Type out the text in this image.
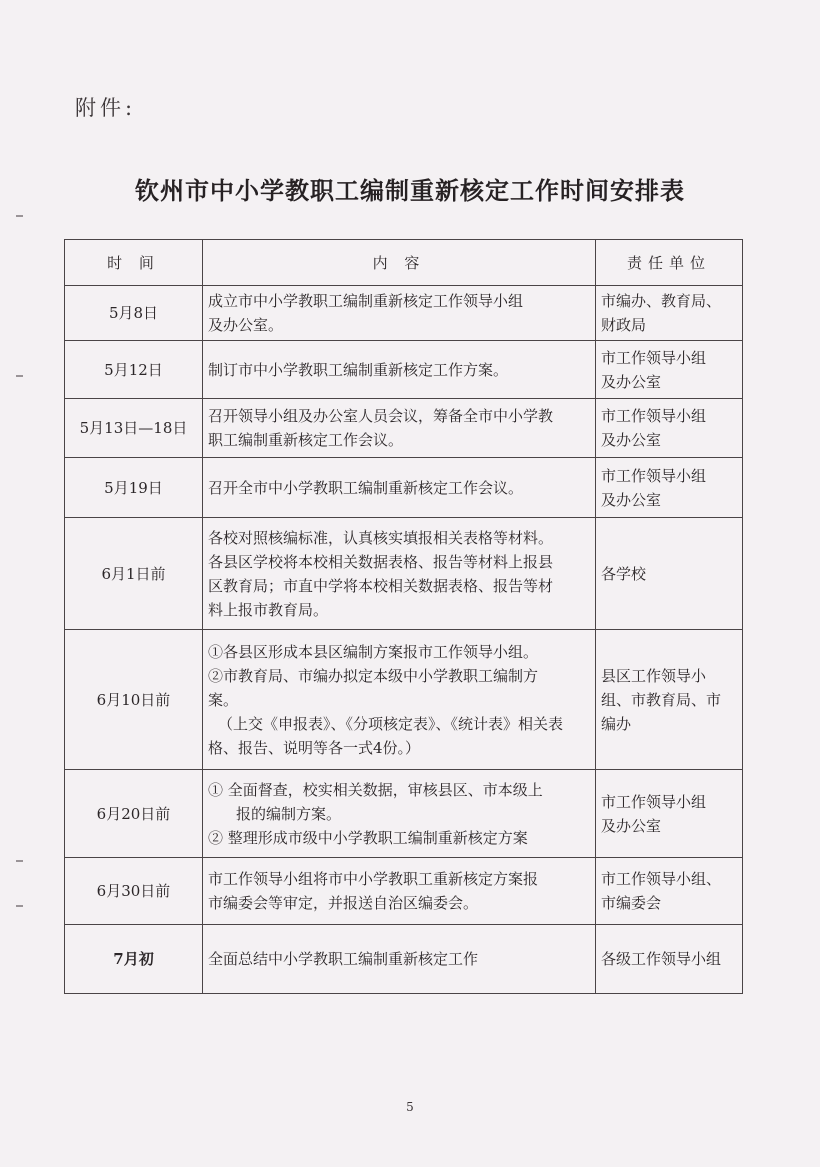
附件:
钦州市中小学教职工编制重新核定工作时间安排表
时 间	内 容	责任单位
5月8日	成立市中小学教职工编制重新核定工作领导小组
及办公室。	市编办、教育局、
财政局

5月12日	制订市中小学教职工编制重新核定工作方案。	市工作领导小组
及办公室

5月13日—18日	召开领导小组及办公室人员会议，筹备全市中小学教
职工编制重新核定工作会议。	市工作领导小组
及办公室

5月19日	召开全市中小学教职工编制重新核定工作会议。	市工作领导小组
及办公室

6月1日前	各校对照核编标准，认真核实填报相关表格等材料。
各县区学校将本校相关数据表格、报告等材料上报县
区教育局；市直中学将本校相关数据表格、报告等材
料上报市教育局。	各学校

6月10日前	①各县区形成本县区编制方案报市工作领导小组。
②市教育局、市编办拟定本级中小学教职工编制方
案。
（上交《申报表》、《分项核定表》、《统计表》相关表
格、报告、说明等各一式4份。）	县区工作领导小
组、市教育局、市
编办

6月20日前	① 全面督查，校实相关数据，审核县区、市本级上
报的编制方案。
② 整理形成市级中小学教职工编制重新核定方案	市工作领导小组
及办公室

6月30日前	市工作领导小组将市中小学教职工重新核定方案报
市编委会等审定，并报送自治区编委会。	市工作领导小组、
市编委会

7月初	全面总结中小学教职工编制重新核定工作	各级工作领导小组
5
